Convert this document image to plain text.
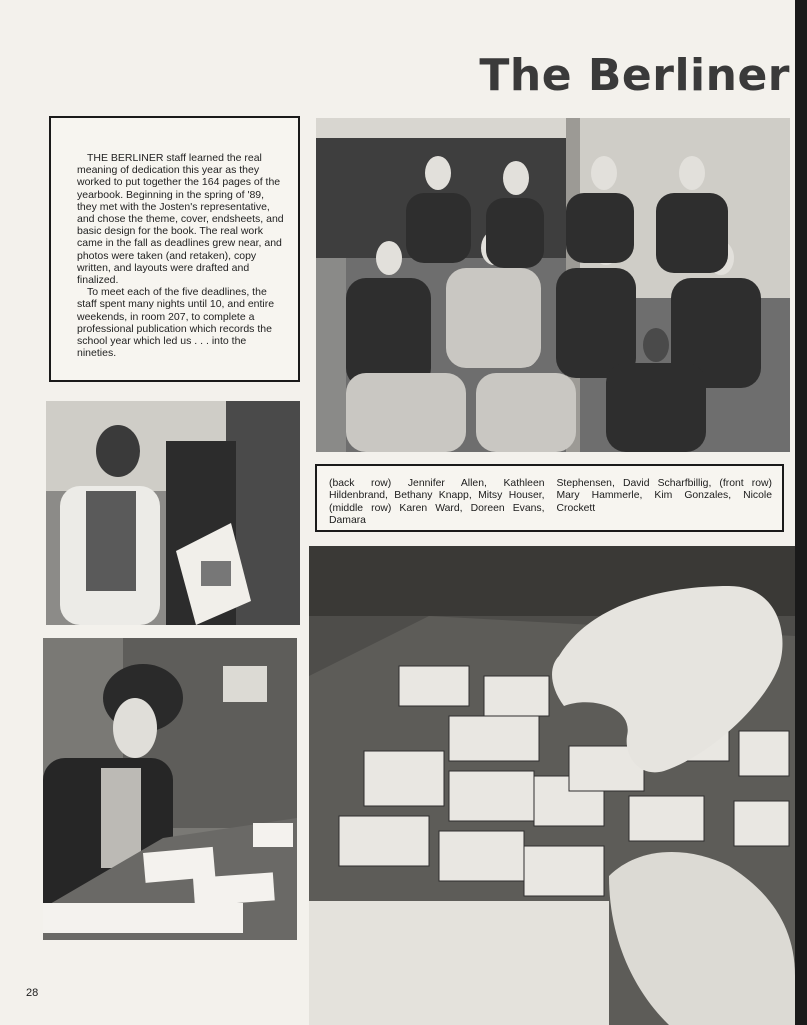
The Berliner

THE BERLINER staff learned the real meaning of dedication this year as they worked to put together the 164 pages of the yearbook. Beginning in the spring of '89, they met with the Josten's representative, and chose the theme, cover, endsheets, and basic design for the book. The real work came in the fall as deadlines grew near, and photos were taken (and retaken), copy written, and layouts were drafted and finalized.

To meet each of the five deadlines, the staff spent many nights until 10, and entire weekends, in room 207, to complete a professional publication which records the school year which led us . . . into the nineties.

(back row) Jennifer Allen, Kathleen Hildenbrand, Bethany Knapp, Mitsy Houser, (middle row) Karen Ward, Doreen Evans, Damara
Stephensen, David Scharfbillig, (front row) Mary Hammerle, Kim Gonzales, Nicole Crockett
28
